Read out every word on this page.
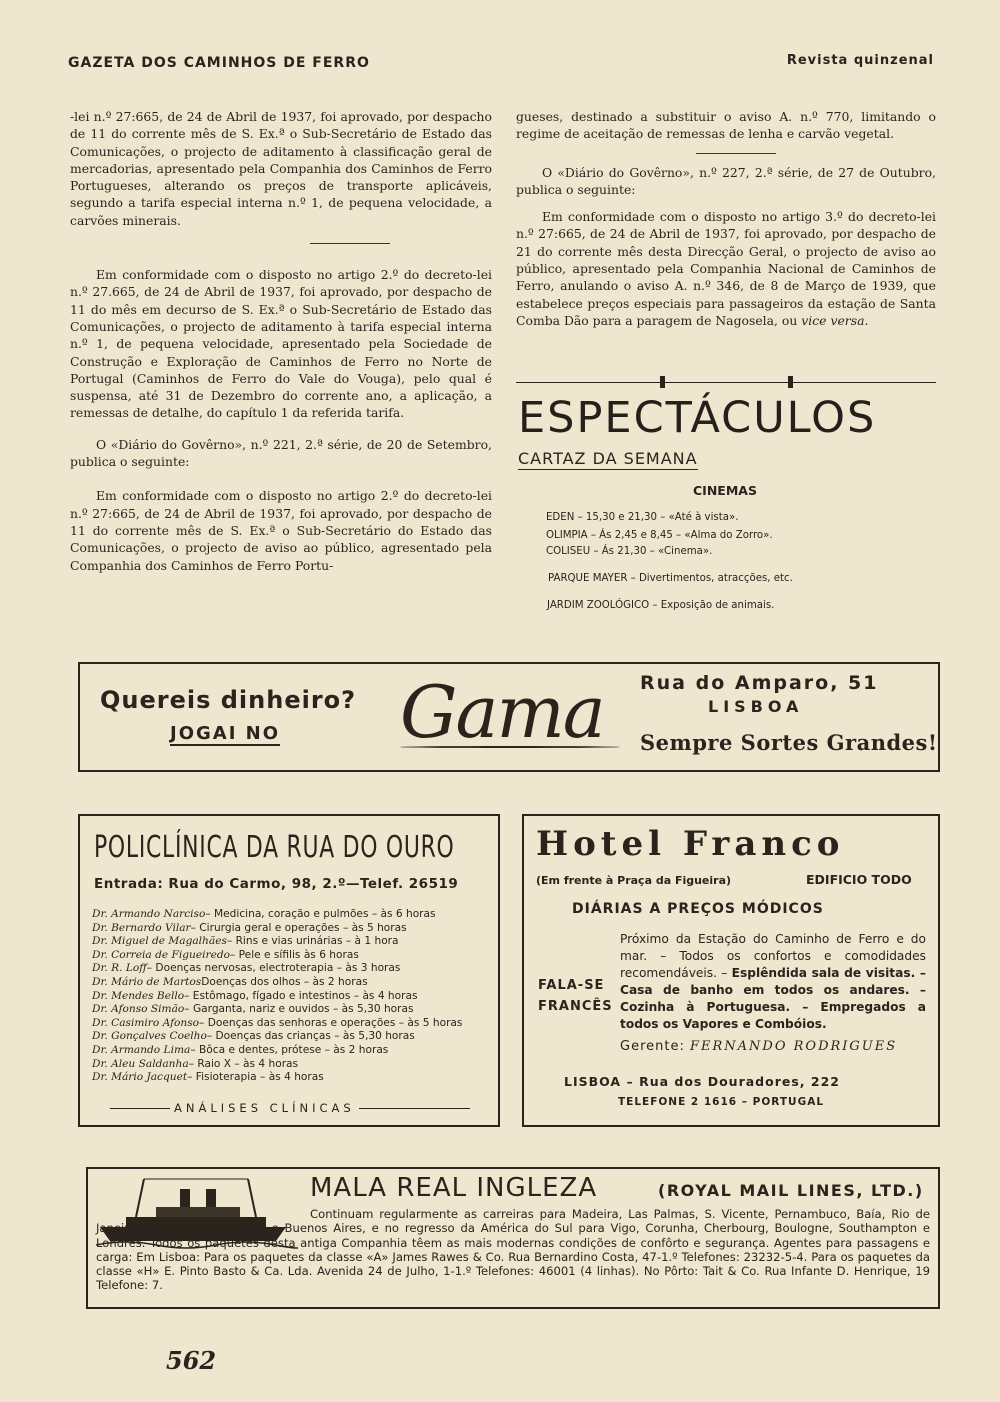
GAZETA DOS CAMINHOS DE FERRO	Revista quinzenal

-lei n.º 27:665, de 24 de Abril de 1937, foi aprovado, por despacho de 11 do corrente mês de S. Ex.ª o Sub-Secretário de Estado das Comunicações, o projecto de aditamento à classificação geral de mercadorias, apresentado pela Companhia dos Caminhos de Ferro Portugueses, alterando os preços de transporte aplicáveis, segundo a tarifa especial interna n.º 1, de pequena velocidade, a carvões minerais.

Em conformidade com o disposto no artigo 2.º do decreto-lei n.º 27.665, de 24 de Abril de 1937, foi aprovado, por despacho de 11 do mês em decurso de S. Ex.ª o Sub-Secretário de Estado das Comunicações, o projecto de aditamento à tarifa especial interna n.º 1, de pequena velocidade, apresentado pela Sociedade de Construção e Exploração de Caminhos de Ferro no Norte de Portugal (Caminhos de Ferro do Vale do Vouga), pelo qual é suspensa, até 31 de Dezembro do corrente ano, a aplicação, a remessas de detalhe, do capítulo 1 da referida tarifa.

O «Diário do Govêrno», n.º 221, 2.ª série, de 20 de Setembro, publica o seguinte:

Em conformidade com o disposto no artigo 2.º do decreto-lei n.º 27:665, de 24 de Abril de 1937, foi aprovado, por despacho de 11 do corrente mês de S. Ex.ª o Sub-Secretário do Estado das Comunicações, o projecto de aviso ao público, agresentado pela Companhia dos Caminhos de Ferro Portu-

gueses, destinado a substituir o aviso A. n.º 770, limitando o regime de aceitação de remessas de lenha e carvão vegetal.

O «Diário do Govêrno», n.º 227, 2.ª série, de 27 de Outubro, publica o seguinte:

Em conformidade com o disposto no artigo 3.º do decreto-lei n.º 27:665, de 24 de Abril de 1937, foi aprovado, por despacho de 21 do corrente mês desta Direcção Geral, o projecto de aviso ao público, apresentado pela Companhia Nacional de Caminhos de Ferro, anulando o aviso A. n.º 346, de 8 de Março de 1939, que estabelece preços especiais para passageiros da estação de Santa Comba Dão para a paragem de Nagosela, ou vice versa.

ESPECTÁCULOS
CARTAZ DA SEMANA
CINEMAS
EDEN – 15,30 e 21,30 – «Até à vista».
OLIMPIA – Ás 2,45 e 8,45 – «Alma do Zorro».
COLISEU – Ás 21,30 – «Cinema».
PARQUE MAYER – Divertimentos, atracções, etc.
JARDIM ZOOLÓGICO – Exposição de animais.
Quereis dinheiro?
JOGAI NO Gama Rua do Amparo, 51
LISBOA
Sempre Sortes Grandes!
POLICLÍNICA DA RUA DO OURO
Entrada: Rua do Carmo, 98, 2.º—Telef. 26519
Dr. Armando Narciso– Medicina, coração e pulmões – às 6 horas
Dr. Bernardo Vilar– Cirurgia geral e operações – às 5 horas
Dr. Miguel de Magalhães– Rins e vias urinárias – à 1 hora
Dr. Correia de Figueiredo– Pele e sífilis às 6 horas
Dr. R. Loff– Doenças nervosas, electroterapia – às 3 horas
Dr. Mário de MartosDoenças dos olhos – às 2 horas
Dr. Mendes Bello– Estômago, fígado e intestinos – às 4 horas
Dr. Afonso Simão– Garganta, nariz e ouvidos – às 5,30 horas
Dr. Casimiro Afonso– Doenças das senhoras e operações – às 5 horas
Dr. Gonçalves Coelho– Doenças das crianças – às 5,30 horas
Dr. Armando Lima– Bôca e dentes, prótese – às 2 horas
Dr. Aleu Saldanha– Raio X – às 4 horas
Dr. Mário Jacquet– Fisioterapia – às 4 horas
ANÁLISES CLÍNICAS
Hotel Franco
(Em frente à Praça da Figueira)	EDIFICIO TODO
DIÁRIAS A PREÇOS MÓDICOS
FALA-SE
FRANCÊS
Próximo da Estação do Caminho de Ferro e do mar. – Todos os confortos e comodidades recomendáveis. – Esplêndida sala de visitas. – Casa de banho em todos os andares. – Cozinha à Portuguesa. – Empregados a todos os Vapores e Combóios.
Gerente: FERNANDO RODRIGUES
LISBOA – Rua dos Douradores, 222
TELEFONE 2 1616 – PORTUGAL
MALA REAL INGLEZA	(ROYAL MAIL LINES, LTD.)
Continuam regularmente as carreiras para Madeira, Las Palmas, S. Vicente, Pernambuco, Baía, Rio de Janeiro, Santos, Montevideo, e Buenos Aires, e no regresso da América do Sul para Vigo, Corunha, Cherbourg, Boulogne, Southampton e Londres. Todos os paquetes desta antiga Companhia têem as mais modernas condições de confôrto e segurança. Agentes para passagens e carga: Em Lisboa: Para os paquetes da classe «A» James Rawes & Co. Rua Bernardino Costa, 47-1.º Telefones: 23232-5-4. Para os paquetes da classe «H» E. Pinto Basto & Ca. Lda. Avenida 24 de Julho, 1-1.º Telefones: 46001 (4 linhas). No Pôrto: Tait & Co. Rua Infante D. Henrique, 19 Telefone: 7.
562
